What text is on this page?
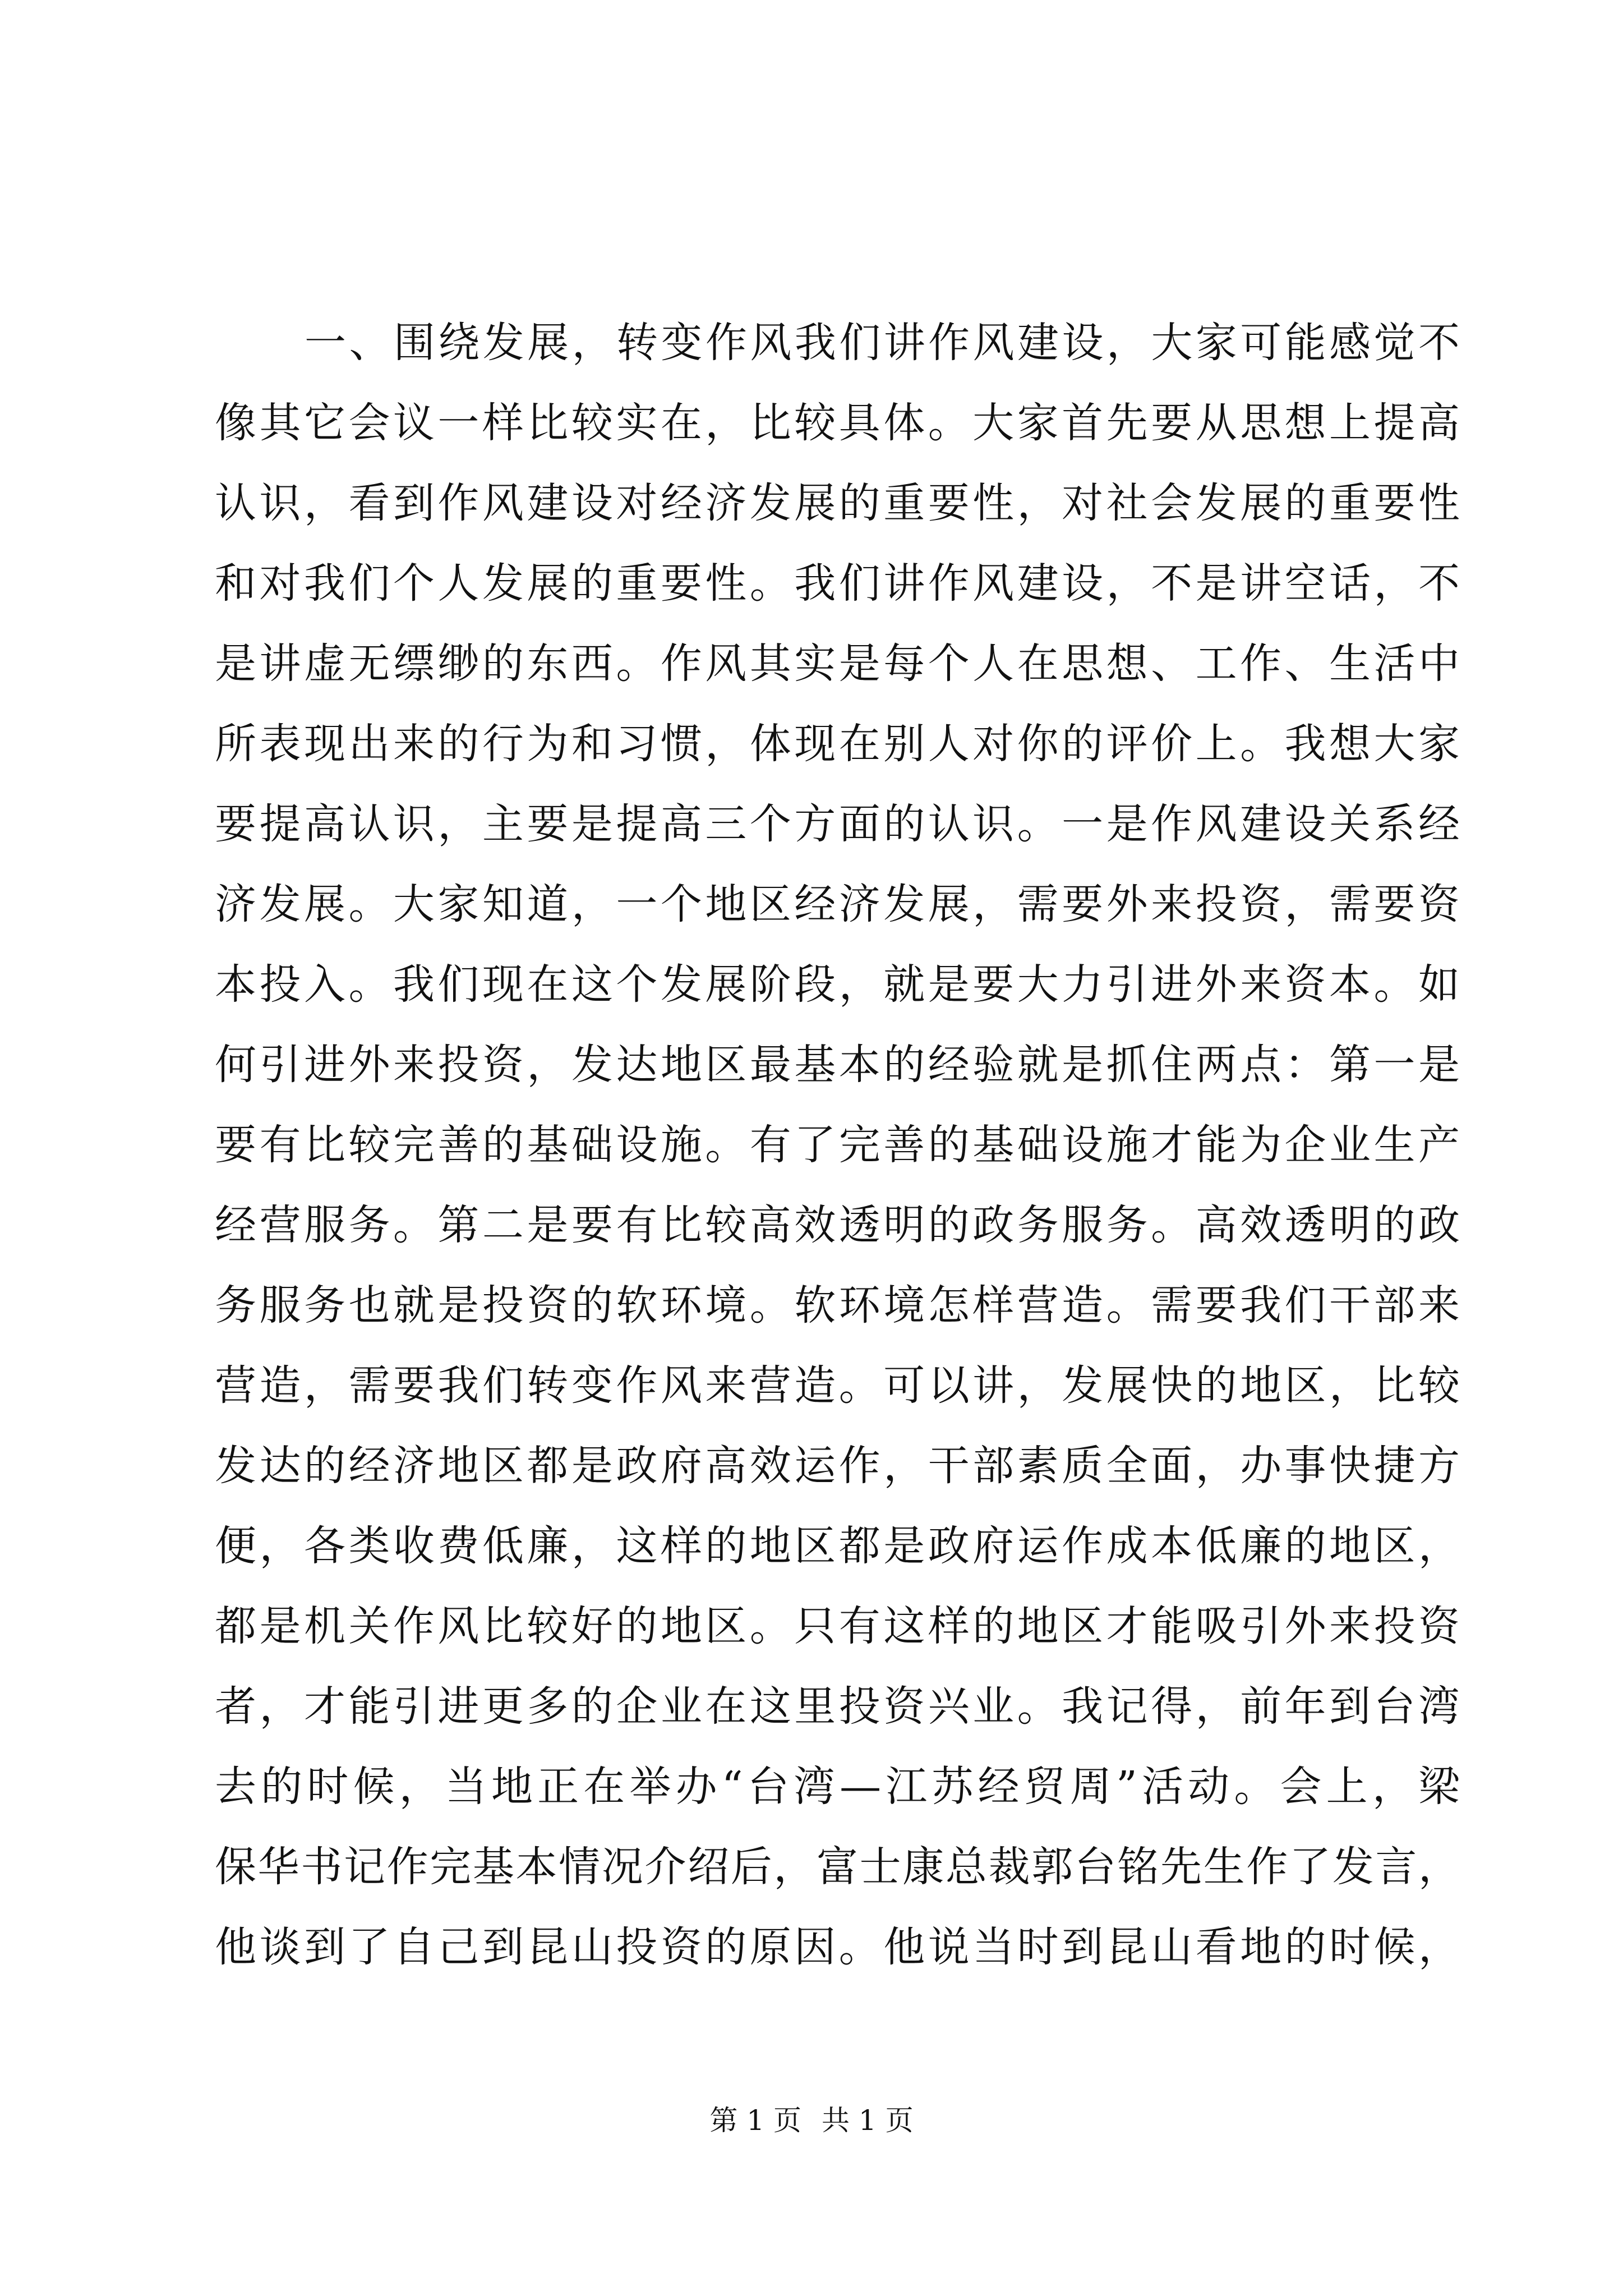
一、围绕发展，转变作风我们讲作风建设，大家可能感觉不
像其它会议一样比较实在，比较具体。大家首先要从思想上提高
认识，看到作风建设对经济发展的重要性，对社会发展的重要性
和对我们个人发展的重要性。我们讲作风建设，不是讲空话，不
是讲虚无缥缈的东西。作风其实是每个人在思想、工作、生活中
所表现出来的行为和习惯，体现在别人对你的评价上。我想大家
要提高认识，主要是提高三个方面的认识。一是作风建设关系经
济发展。大家知道，一个地区经济发展，需要外来投资，需要资
本投入。我们现在这个发展阶段，就是要大力引进外来资本。如
何引进外来投资，发达地区最基本的经验就是抓住两点：第一是
要有比较完善的基础设施。有了完善的基础设施才能为企业生产
经营服务。第二是要有比较高效透明的政务服务。高效透明的政
务服务也就是投资的软环境。软环境怎样营造。需要我们干部来
营造，需要我们转变作风来营造。可以讲，发展快的地区，比较
发达的经济地区都是政府高效运作，干部素质全面，办事快捷方
便，各类收费低廉，这样的地区都是政府运作成本低廉的地区，
都是机关作风比较好的地区。只有这样的地区才能吸引外来投资
者，才能引进更多的企业在这里投资兴业。我记得，前年到台湾
去的时候，当地正在举办“台湾—江苏经贸周”活动。会上，梁
保华书记作完基本情况介绍后，富士康总裁郭台铭先生作了发言，
他谈到了自己到昆山投资的原因。他说当时到昆山看地的时候，
第 1 页 共 1 页
